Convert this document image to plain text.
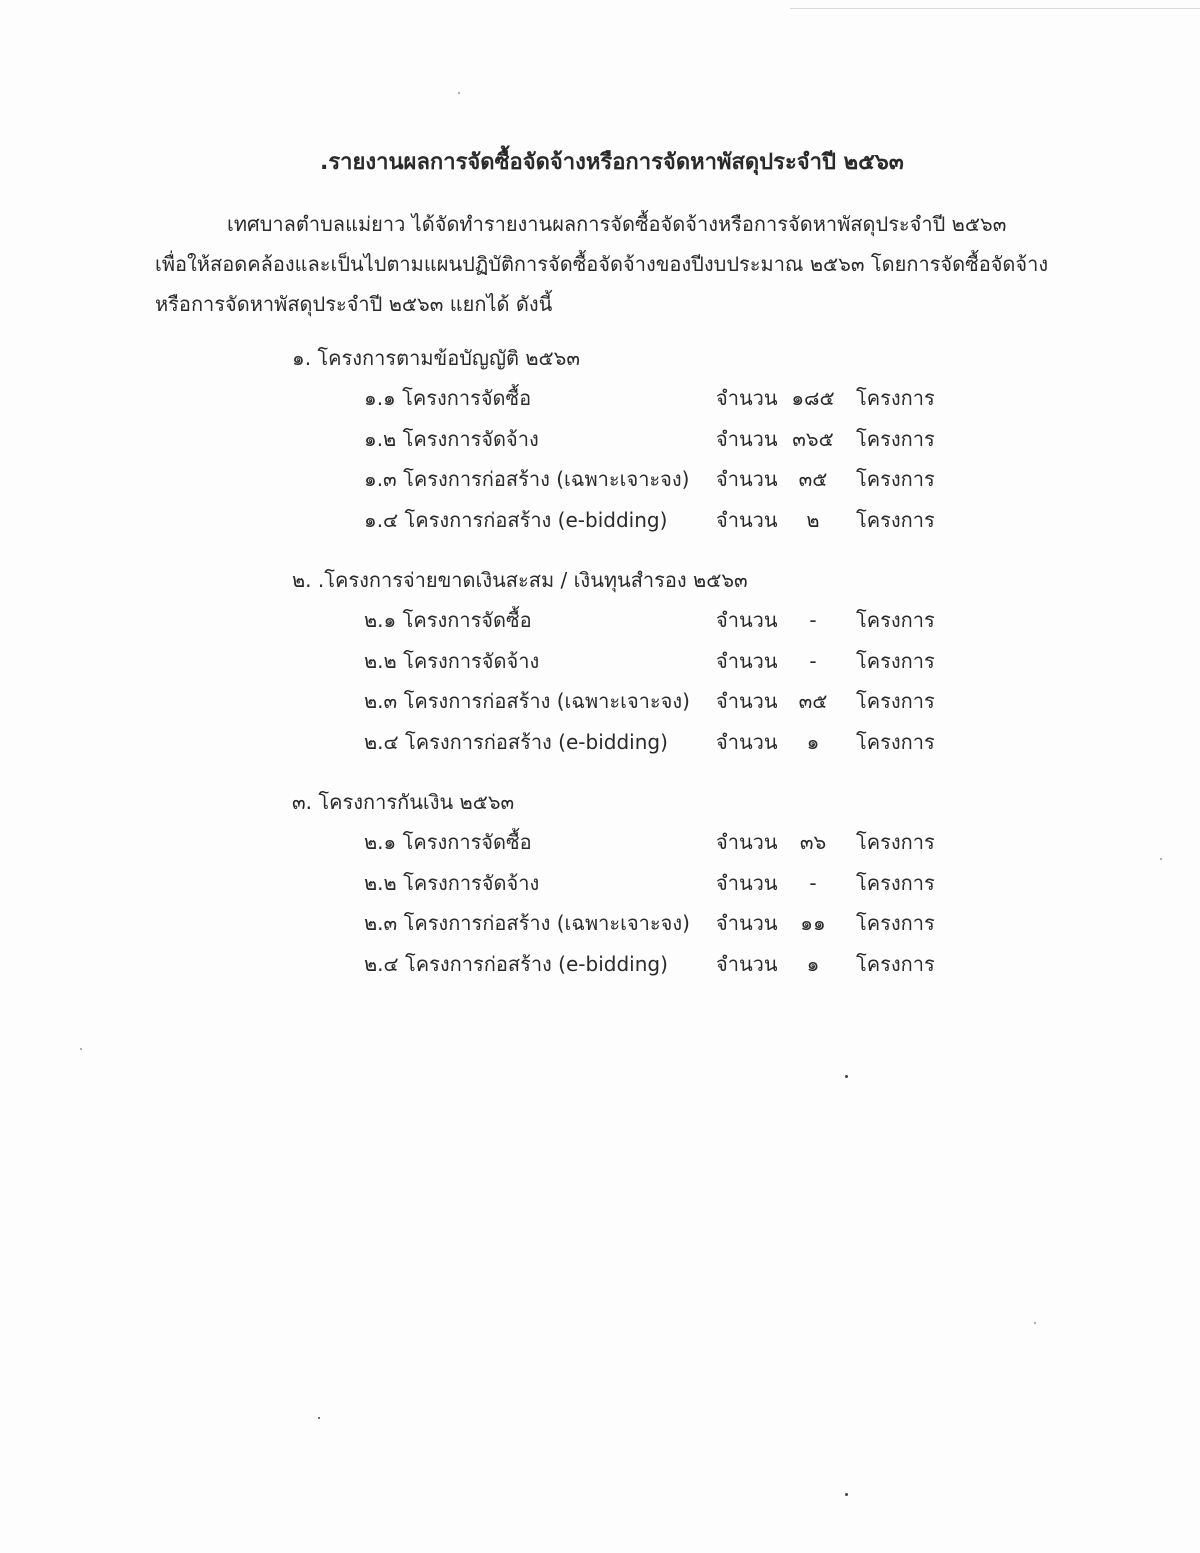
.รายงานผลการจัดซื้อจัดจ้างหรือการจัดหาพัสดุประจำปี ๒๕๖๓
เทศบาลตำบลแม่ยาว ได้จัดทำรายงานผลการจัดซื้อจัดจ้างหรือการจัดหาพัสดุประจำปี ๒๕๖๓
เพื่อให้สอดคล้องและเป็นไปตามแผนปฏิบัติการจัดซื้อจัดจ้างของปีงบประมาณ ๒๕๖๓ โดยการจัดซื้อจัดจ้าง
หรือการจัดหาพัสดุประจำปี ๒๕๖๓ แยกได้ ดังนี้
๑. โครงการตามข้อบัญญัติ ๒๕๖๓
๑.๑ โครงการจัดซื้อ	จำนวน ๑๘๕	โครงการ
๑.๒ โครงการจัดจ้าง	จำนวน ๓๖๕	โครงการ
๑.๓ โครงการก่อสร้าง (เฉพาะเจาะจง) จำนวน	๓๕	โครงการ
๑.๔ โครงการก่อสร้าง (e-bidding) จำนวน	๒	โครงการ
๒. .โครงการจ่ายขาดเงินสะสม / เงินทุนสำรอง ๒๕๖๓
๒.๑ โครงการจัดซื้อ	จำนวน	-	โครงการ
๒.๒ โครงการจัดจ้าง	จำนวน	-	โครงการ
๒.๓ โครงการก่อสร้าง (เฉพาะเจาะจง) จำนวน	๓๕	โครงการ
๒.๔ โครงการก่อสร้าง (e-bidding) จำนวน	๑	โครงการ
๓. โครงการกันเงิน ๒๕๖๓
๒.๑ โครงการจัดซื้อ	จำนวน	๓๖	โครงการ
๒.๒ โครงการจัดจ้าง	จำนวน	-	โครงการ
๒.๓ โครงการก่อสร้าง (เฉพาะเจาะจง) จำนวน	๑๑	โครงการ
๒.๔ โครงการก่อสร้าง (e-bidding) จำนวน	๑	โครงการ
